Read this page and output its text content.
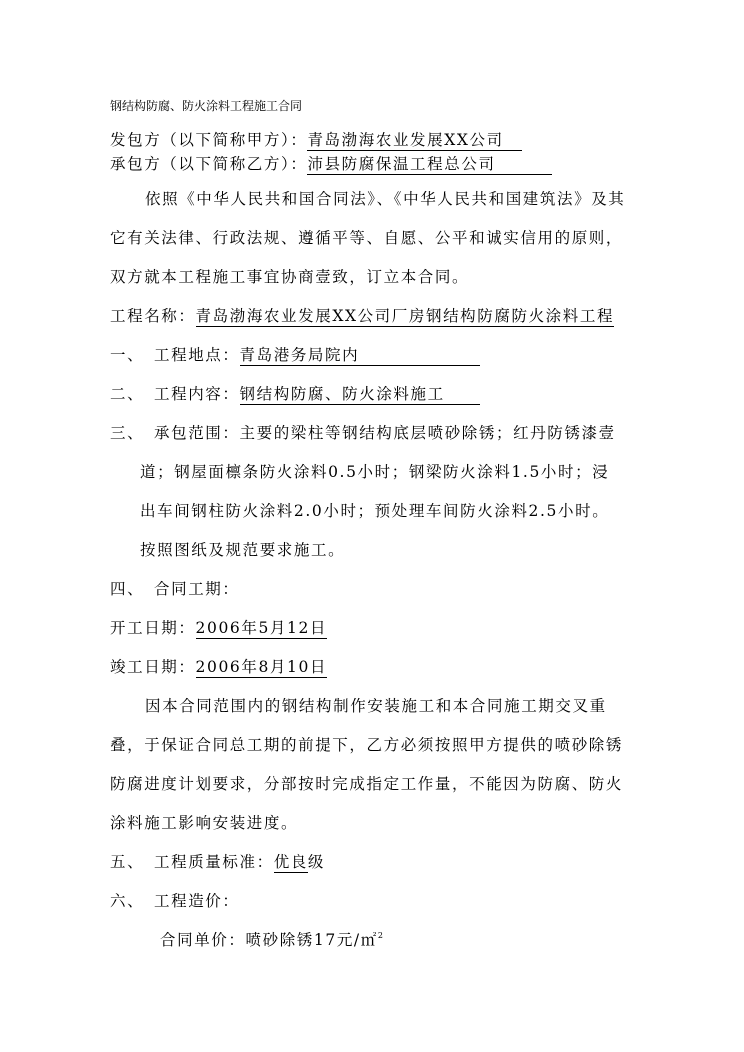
钢结构防腐、防火涂料工程施工合同
发包方（以下简称甲方）：青岛渤海农业发展XX公司
承包方（以下简称乙方）：沛县防腐保温工程总公司
依照《中华人民共和国合同法》、《中华人民共和国建筑法》及其
它有关法律、行政法规、遵循平等、自愿、公平和诚实信用的原则，
双方就本工程施工事宜协商壹致，订立本合同。
工程名称：青岛渤海农业发展XX公司厂房钢结构防腐防火涂料工程
一、 工程地点：青岛港务局院内
二、 工程内容：钢结构防腐、防火涂料施工
三、 承包范围：主要的梁柱等钢结构底层喷砂除锈；红丹防锈漆壹
道；钢屋面檩条防火涂料0.5小时；钢梁防火涂料1.5小时；浸
出车间钢柱防火涂料2.0小时；预处理车间防火涂料2.5小时。
按照图纸及规范要求施工。
四、 合同工期：
开工日期：2006年5月12日
竣工日期：2006年8月10日
因本合同范围内的钢结构制作安装施工和本合同施工期交叉重
叠，于保证合同总工期的前提下，乙方必须按照甲方提供的喷砂除锈
防腐进度计划要求，分部按时完成指定工作量，不能因为防腐、防火
涂料施工影响安装进度。
五、 工程质量标准：优良级
六、 工程造价：
合同单价：喷砂除锈17元/㎡$^2$
